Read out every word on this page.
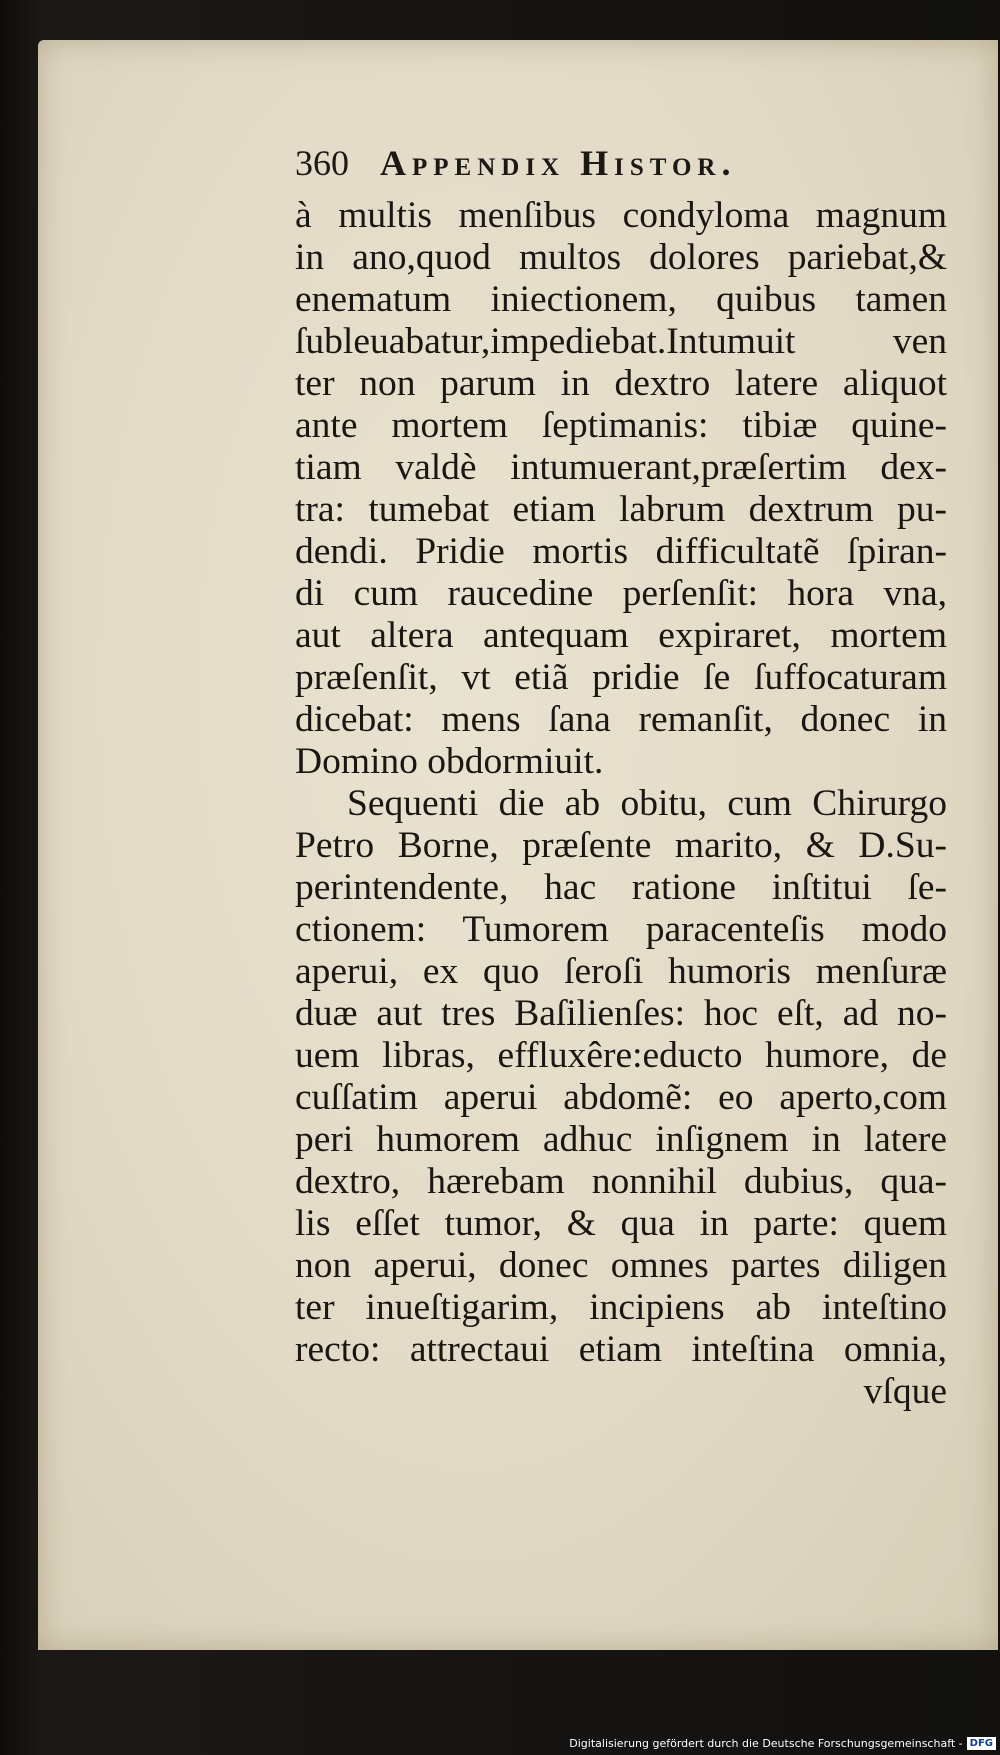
360 Appendix Histor.
à multis menſibus condyloma magnum
in ano,quod multos dolores pariebat,&
enematum iniectionem, quibus tamen
ſubleuabatur,impediebat.Intumuit ven
ter non parum in dextro latere aliquot
ante mortem ſeptimanis: tibiæ quine-
tiam valdè intumuerant,præſertim dex-
tra: tumebat etiam labrum dextrum pu-
dendi. Pridie mortis difficultatẽ ſpiran-
di cum raucedine perſenſit: hora vna,
aut altera antequam expiraret, mortem
præſenſit, vt etiã pridie ſe ſuffocaturam
dicebat: mens ſana remanſit, donec in
Domino obdormiuit.
Sequenti die ab obitu, cum Chirurgo
Petro Borne, præſente marito, & D.Su-
perintendente, hac ratione inſtitui ſe-
ctionem: Tumorem paracenteſis modo
aperui, ex quo ſeroſi humoris menſuræ
duæ aut tres Baſilienſes: hoc eſt, ad no-
uem libras, effluxêre:educto humore, de
cuſſatim aperui abdomẽ: eo aperto,com
peri humorem adhuc inſignem in latere
dextro, hærebam nonnihil dubius, qua-
lis eſſet tumor, & qua in parte: quem
non aperui, donec omnes partes diligen
ter inueſtigarim, incipiens ab inteſtino
recto: attrectaui etiam inteſtina omnia,
vſque
Digitalisierung gefördert durch die Deutsche Forschungsgemeinschaft - DFG
